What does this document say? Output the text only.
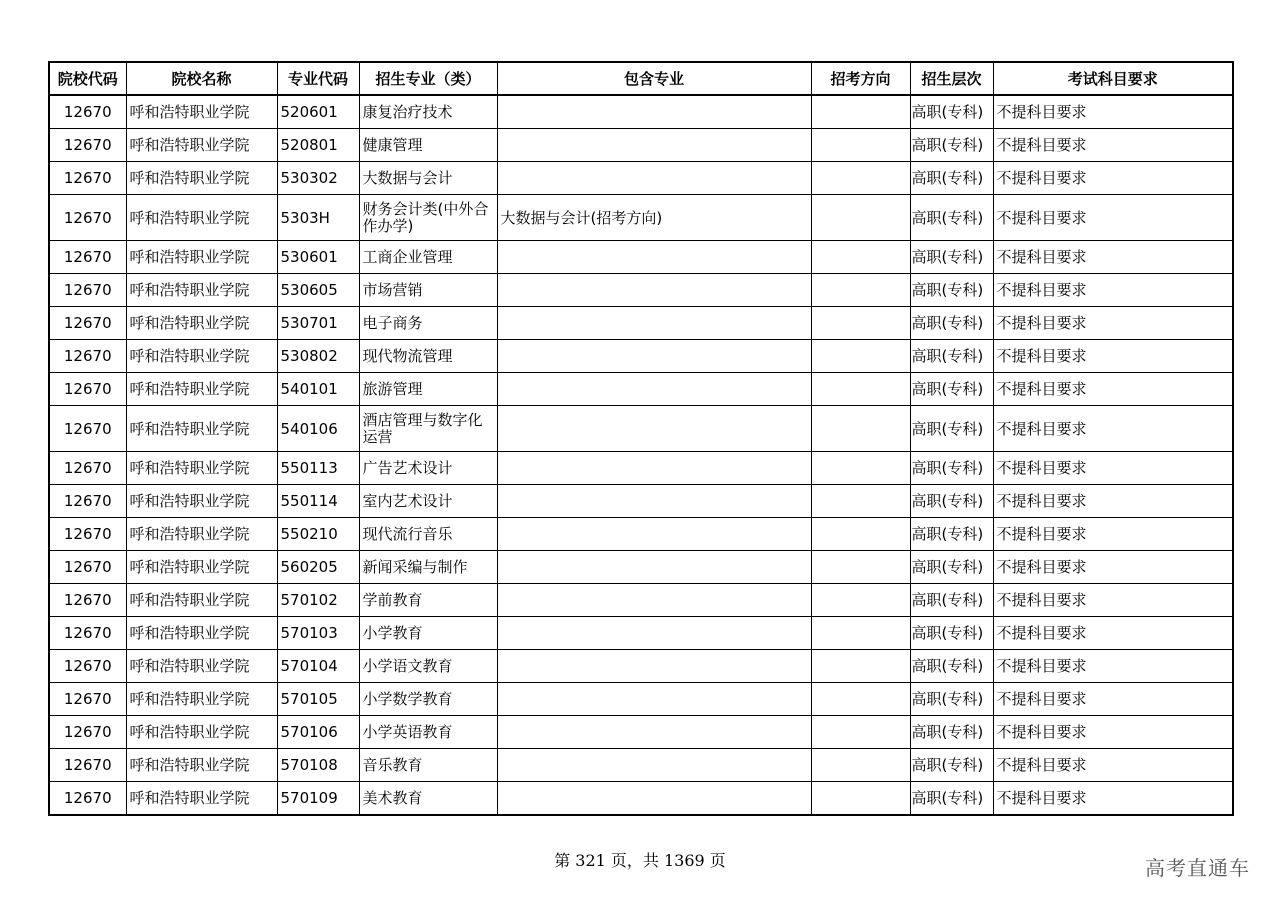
院校代码	院校名称	专业代码	招生专业（类）	包含专业	招考方向	招生层次	考试科目要求
12670	呼和浩特职业学院	520601	康复治疗技术			高职(专科)	不提科目要求
12670	呼和浩特职业学院	520801	健康管理			高职(专科)	不提科目要求
12670	呼和浩特职业学院	530302	大数据与会计			高职(专科)	不提科目要求
12670	呼和浩特职业学院	5303H	财务会计类(中外合作办学)	大数据与会计(招考方向)		高职(专科)	不提科目要求
12670	呼和浩特职业学院	530601	工商企业管理			高职(专科)	不提科目要求
12670	呼和浩特职业学院	530605	市场营销			高职(专科)	不提科目要求
12670	呼和浩特职业学院	530701	电子商务			高职(专科)	不提科目要求
12670	呼和浩特职业学院	530802	现代物流管理			高职(专科)	不提科目要求
12670	呼和浩特职业学院	540101	旅游管理			高职(专科)	不提科目要求
12670	呼和浩特职业学院	540106	酒店管理与数字化运营			高职(专科)	不提科目要求
12670	呼和浩特职业学院	550113	广告艺术设计			高职(专科)	不提科目要求
12670	呼和浩特职业学院	550114	室内艺术设计			高职(专科)	不提科目要求
12670	呼和浩特职业学院	550210	现代流行音乐			高职(专科)	不提科目要求
12670	呼和浩特职业学院	560205	新闻采编与制作			高职(专科)	不提科目要求
12670	呼和浩特职业学院	570102	学前教育			高职(专科)	不提科目要求
12670	呼和浩特职业学院	570103	小学教育			高职(专科)	不提科目要求
12670	呼和浩特职业学院	570104	小学语文教育			高职(专科)	不提科目要求
12670	呼和浩特职业学院	570105	小学数学教育			高职(专科)	不提科目要求
12670	呼和浩特职业学院	570106	小学英语教育			高职(专科)	不提科目要求
12670	呼和浩特职业学院	570108	音乐教育			高职(专科)	不提科目要求
12670	呼和浩特职业学院	570109	美术教育			高职(专科)	不提科目要求
第 321 页，共 1369 页	高考直通车
